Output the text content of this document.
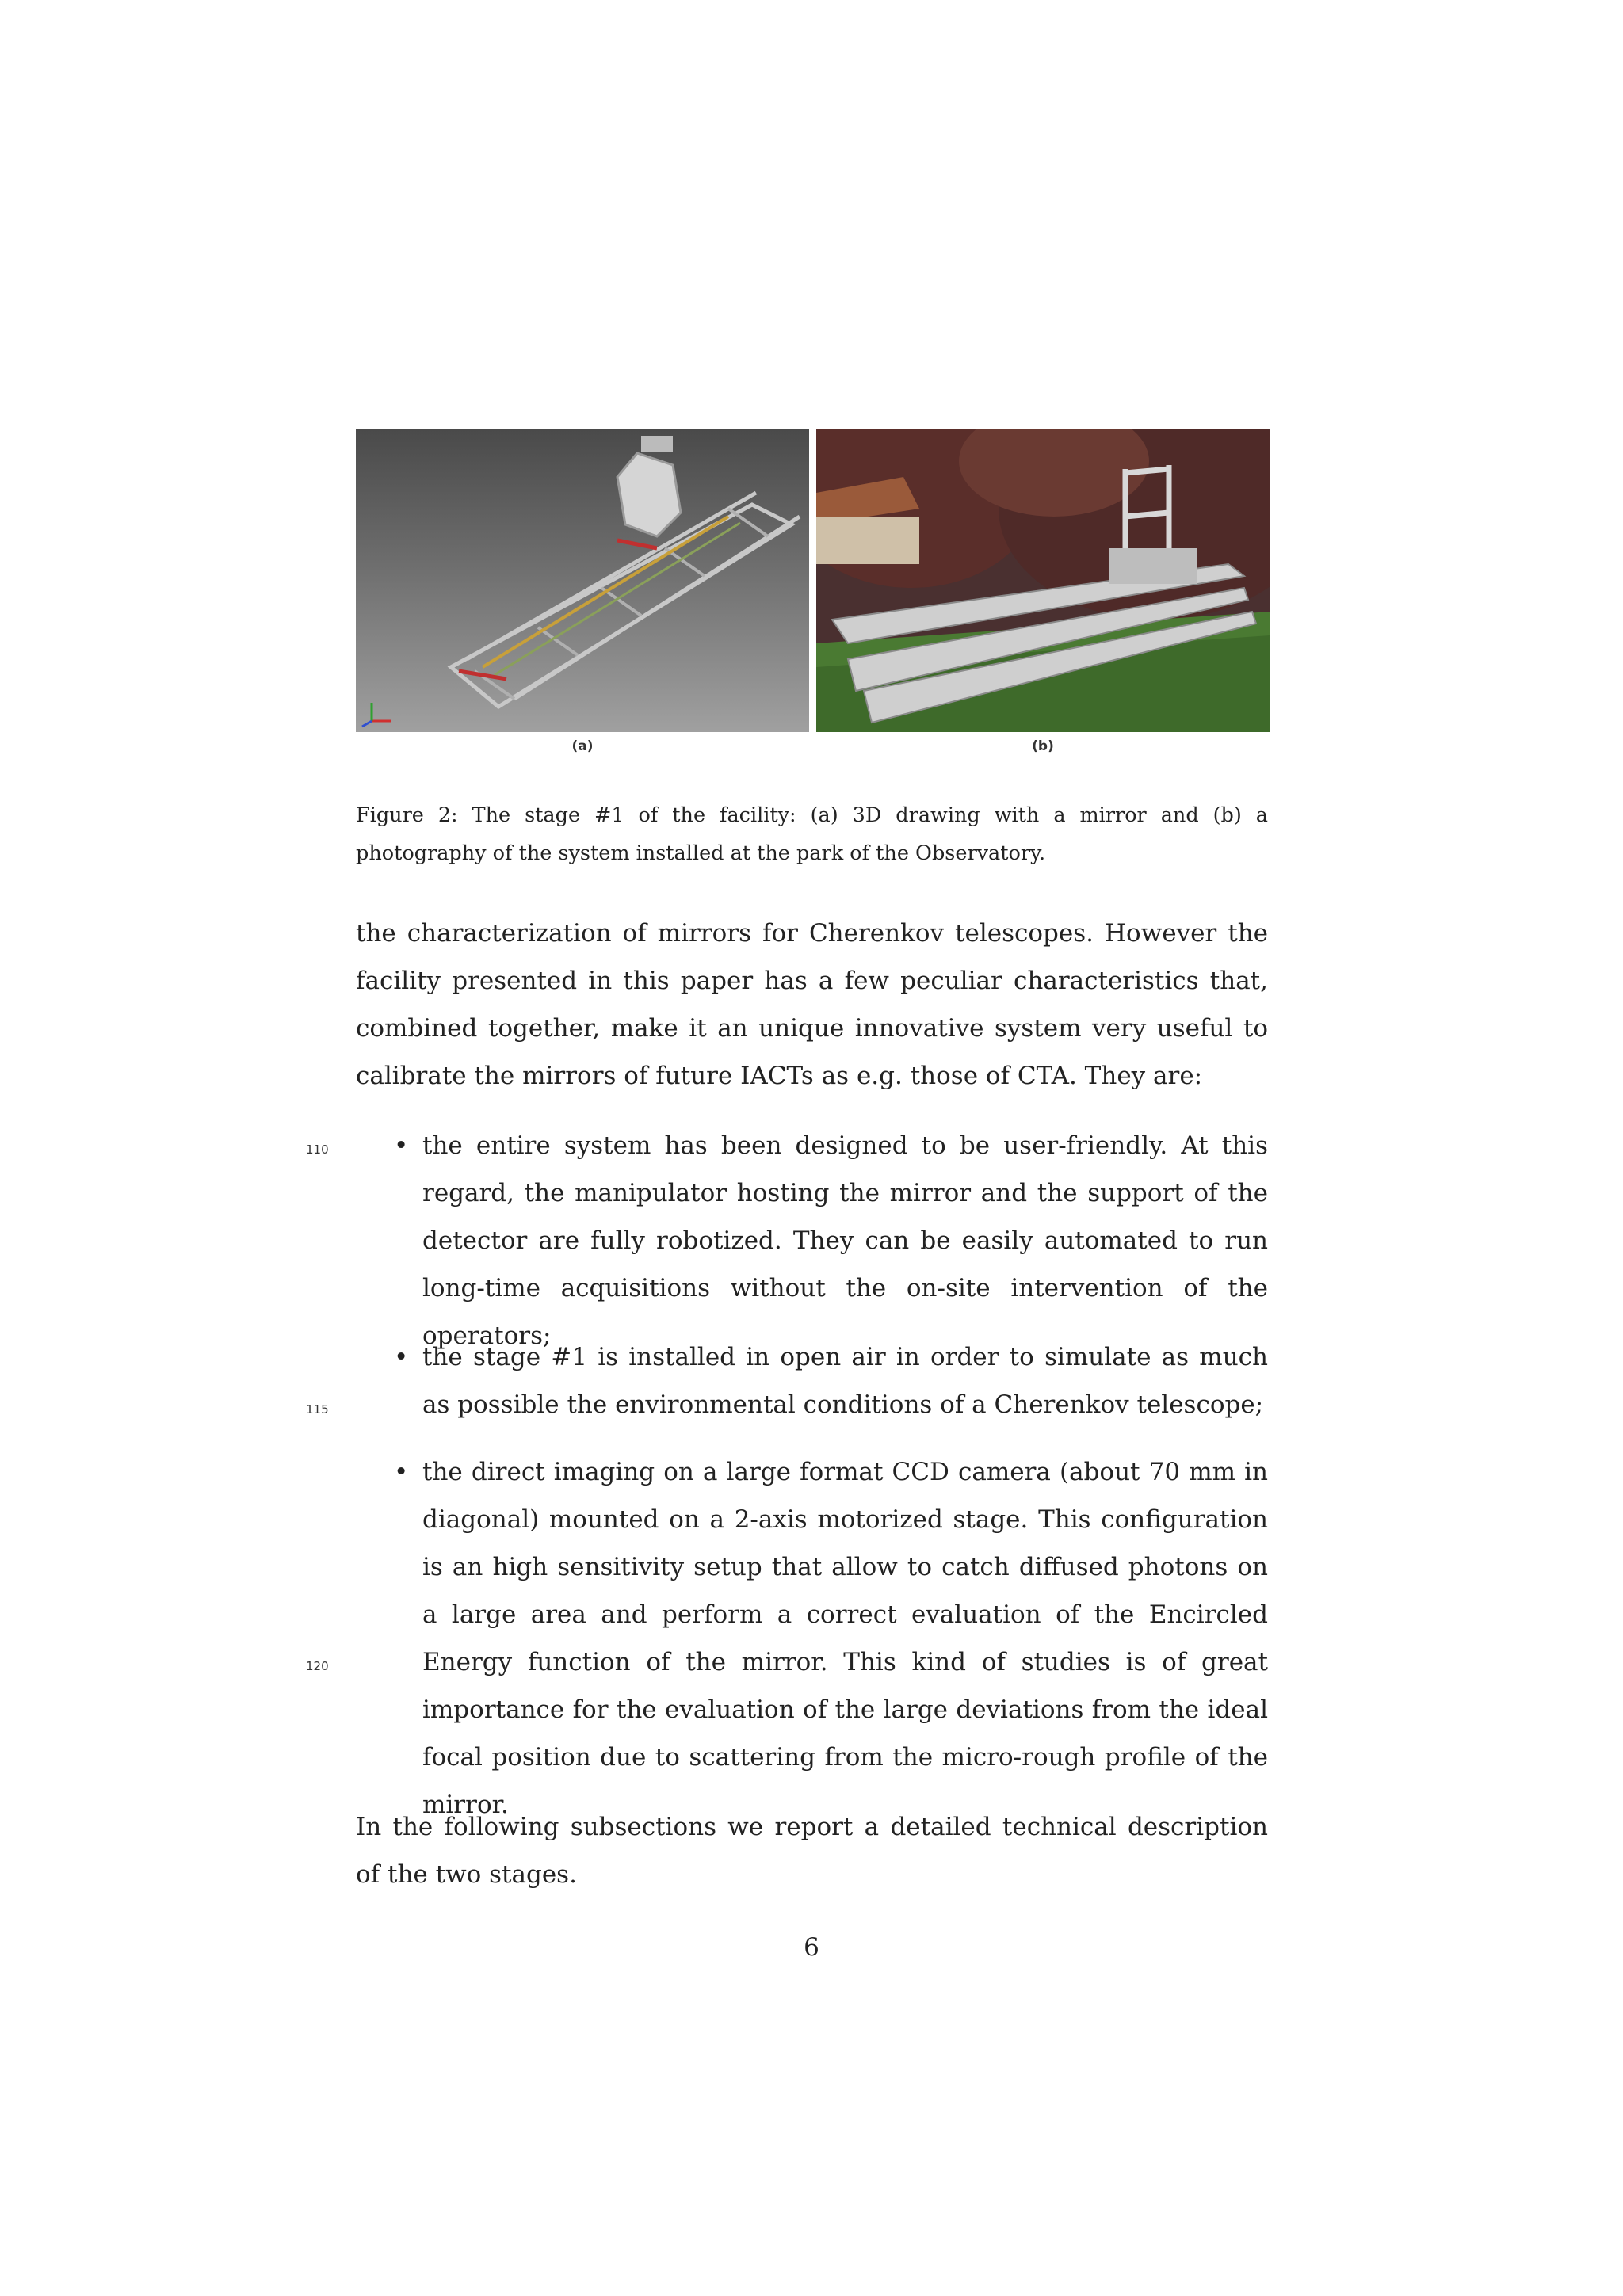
(a)	(b)
Figure 2: The stage #1 of the facility: (a) 3D drawing with a mirror and (b) a photography of the system installed at the park of the Observatory.
the characterization of mirrors for Cherenkov telescopes. However the facility presented in this paper has a few peculiar characteristics that, combined together, make it an unique innovative system very useful to calibrate the mirrors of future IACTs as e.g. those of CTA. They are:
• the entire system has been designed to be user-friendly. At this regard, the manipulator hosting the mirror and the support of the detector are fully robotized. They can be easily automated to run long-time acquisitions without the on-site intervention of the operators;
• the stage #1 is installed in open air in order to simulate as much as possible the environmental conditions of a Cherenkov telescope;
• the direct imaging on a large format CCD camera (about 70 mm in diagonal) mounted on a 2-axis motorized stage. This configuration is an high sensitivity setup that allow to catch diffused photons on a large area and perform a correct evaluation of the Encircled Energy function of the mirror. This kind of studies is of great importance for the evaluation of the large deviations from the ideal focal position due to scattering from the micro-rough profile of the mirror.
110
115
120
In the following subsections we report a detailed technical description of the two stages.
6
